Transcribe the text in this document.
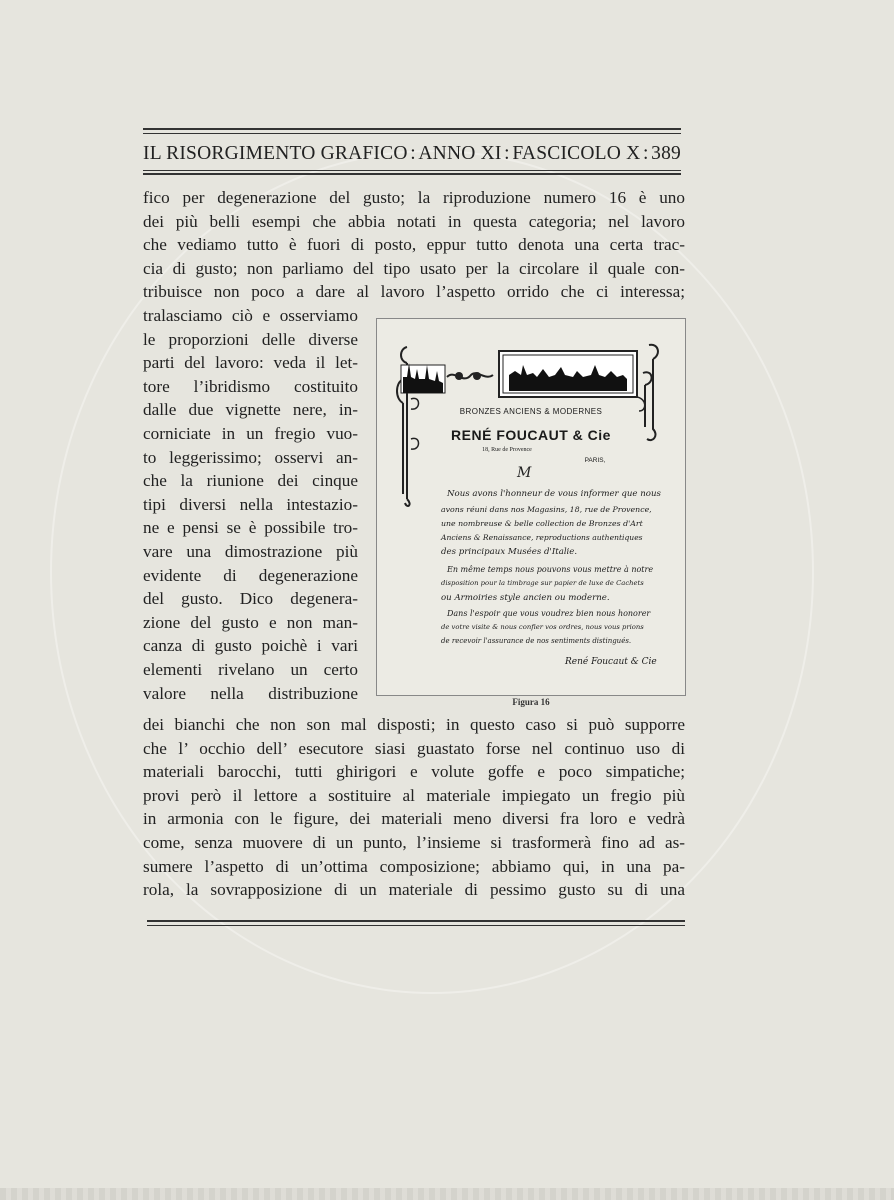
IL RISORGIMENTO GRAFICO : ANNO XI : FASCICOLO X : 389
fico per degenerazione del gusto; la riproduzione numero 16 è uno
dei più belli esempi che abbia notati in questa categoria; nel lavoro
che vediamo tutto è fuori di posto, eppur tutto denota una certa trac-
cia di gusto; non parliamo del tipo usato per la circolare il quale con-
tribuisce non poco a dare al lavoro l’aspetto orrido che ci interessa;
tralasciamo ciò e osserviamo
le proporzioni delle diverse
parti del lavoro: veda il let-
tore l’ibridismo costituito
dalle due vignette nere, in-
corniciate in un fregio vuo-
to leggerissimo; osservi an-
che la riunione dei cinque
tipi diversi nella intestazio-
ne e pensi se è possibile tro-
vare una dimostrazione più
evidente di degenerazione
del gusto. Dico degenera-
zione del gusto e non man-
canza di gusto poichè i vari
elementi rivelano un certo
valore nella distribuzione
M
BRONZES ANCIENS & MODERNES
RENÉ FOUCAUT & Cie
18, Rue de Provence
PARIS,
Nous avons l'honneur de vous informer que nous
avons réuni dans nos Magasins, 18, rue de Provence,
une nombreuse & belle collection de Bronzes d'Art
Anciens & Renaissance, reproductions authentiques
des principaux Musées d'Italie.
En même temps nous pouvons vous mettre à notre
disposition pour la timbrage sur papier de luxe de Cachets
ou Armoiries style ancien ou moderne.
Dans l'espoir que vous voudrez bien nous honorer
de votre visite & nous confier vos ordres, nous vous prions
de recevoir l'assurance de nos sentiments distingués.
René Foucaut & Cie
Figura 16
dei bianchi che non son mal disposti; in questo caso si può supporre
che l’ occhio dell’ esecutore siasi guastato forse nel continuo uso di
materiali barocchi, tutti ghirigori e volute goffe e poco simpatiche;
provi però il lettore a sostituire al materiale impiegato un fregio più
in armonia con le figure, dei materiali meno diversi fra loro e vedrà
come, senza muovere di un punto, l’insieme si trasformerà fino ad as-
sumere l’aspetto di un’ottima composizione; abbiamo qui, in una pa-
rola, la sovrapposizione di un materiale di pessimo gusto su di una
